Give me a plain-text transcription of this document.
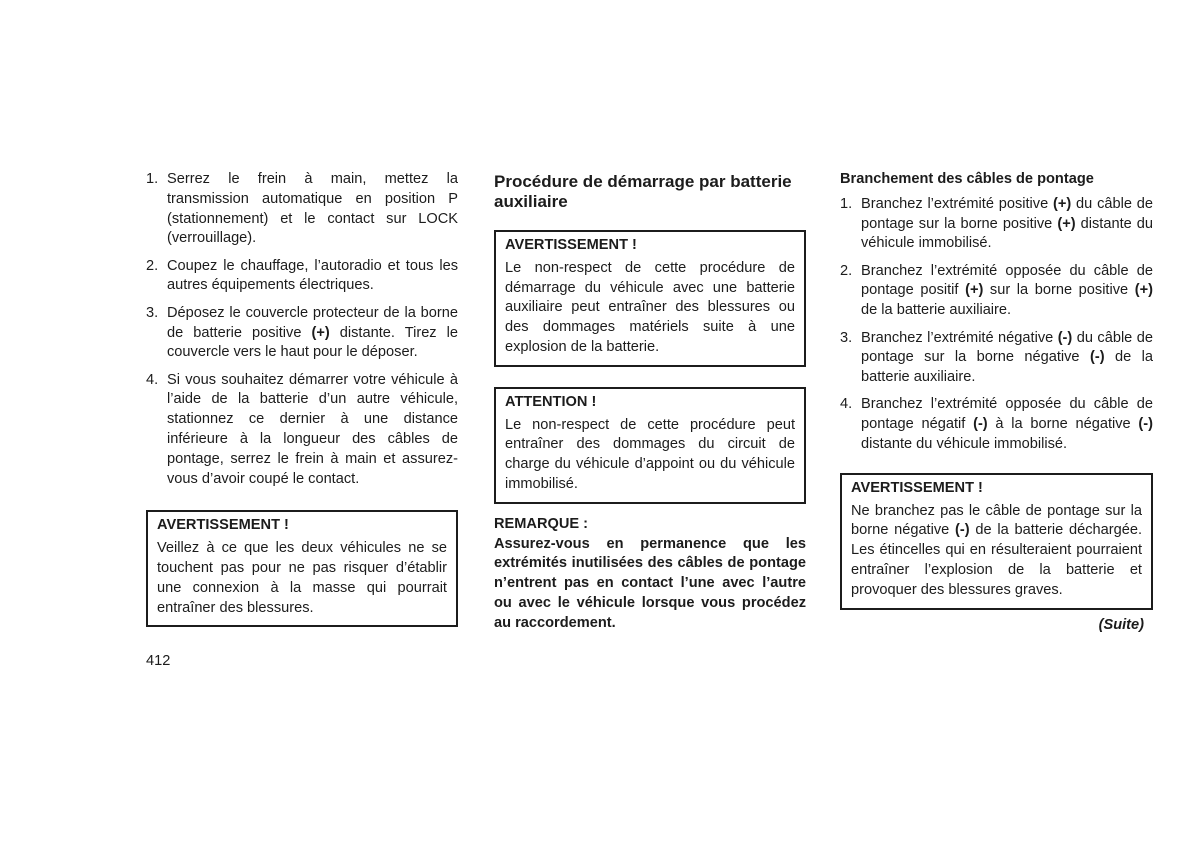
1. Serrez le frein à main, mettez la transmission automatique en position P (stationnement) et le contact sur LOCK (verrouillage).
2. Coupez le chauffage, l’autoradio et tous les autres équipements électriques.
3. Déposez le couvercle protecteur de la borne de batterie positive (+) distante. Tirez le couvercle vers le haut pour le déposer.
4. Si vous souhaitez démarrer votre véhicule à l’aide de la batterie d’un autre véhicule, stationnez ce dernier à une distance inférieure à la longueur des câbles de pontage, serrez le frein à main et assurez-vous d’avoir coupé le contact.
AVERTISSEMENT !
Veillez à ce que les deux véhicules ne se touchent pas pour ne pas risquer d’établir une connexion à la masse qui pourrait entraîner des blessures.
Procédure de démarrage par batterie auxiliaire
AVERTISSEMENT !
Le non-respect de cette procédure de démarrage du véhicule avec une batterie auxiliaire peut entraîner des blessures ou des dommages matériels suite à une explosion de la batterie.
ATTENTION !
Le non-respect de cette procédure peut entraîner des dommages du circuit de charge du véhicule d’appoint ou du véhicule immobilisé.
REMARQUE :
Assurez-vous en permanence que les extrémités inutilisées des câbles de pontage n’entrent pas en contact l’une avec l’autre ou avec le véhicule lorsque vous procédez au raccordement.
Branchement des câbles de pontage
1. Branchez l’extrémité positive (+) du câble de pontage sur la borne positive (+) distante du véhicule immobilisé.
2. Branchez l’extrémité opposée du câble de pontage positif (+) sur la borne positive (+) de la batterie auxiliaire.
3. Branchez l’extrémité négative (-) du câble de pontage sur la borne négative (-) de la batterie auxiliaire.
4. Branchez l’extrémité opposée du câble de pontage négatif (-) à la borne négative (-) distante du véhicule immobilisé.
AVERTISSEMENT !
Ne branchez pas le câble de pontage sur la borne négative (-) de la batterie déchargée. Les étincelles qui en résulteraient pourraient entraîner l’explosion de la batterie et provoquer des blessures graves.
(Suite)
412
